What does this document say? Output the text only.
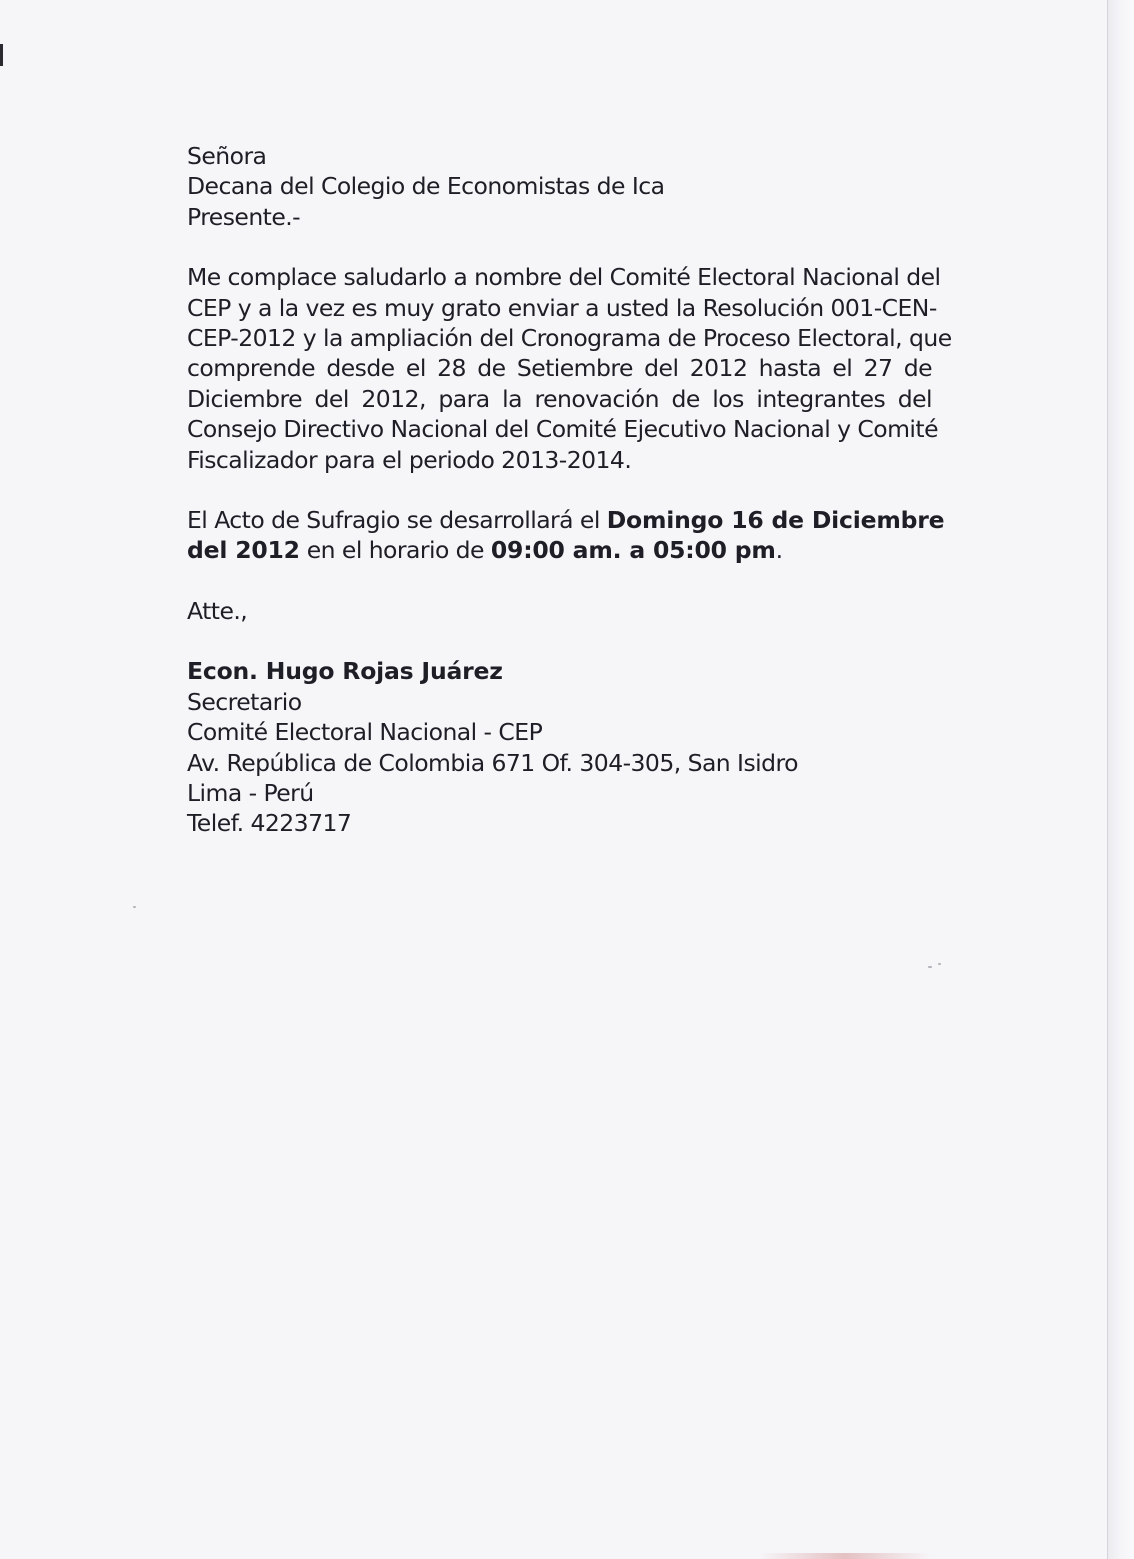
Señora
Decana del Colegio de Economistas de Ica
Presente.-
Me complace saludarlo a nombre del Comité Electoral Nacional del
CEP y a la vez es muy grato enviar a usted la Resolución 001-CEN-
CEP-2012 y la ampliación del Cronograma de Proceso Electoral, que
comprende desde el 28 de Setiembre del 2012 hasta el 27 de
Diciembre del 2012, para la renovación de los integrantes del
Consejo Directivo Nacional del Comité Ejecutivo Nacional y Comité
Fiscalizador para el periodo 2013-2014.
El Acto de Sufragio se desarrollará el Domingo 16 de Diciembre
del 2012 en el horario de 09:00 am. a 05:00 pm.
Atte.,
Econ. Hugo Rojas Juárez
Secretario
Comité Electoral Nacional - CEP
Av. República de Colombia 671 Of. 304-305, San Isidro
Lima - Perú
Telef. 4223717
